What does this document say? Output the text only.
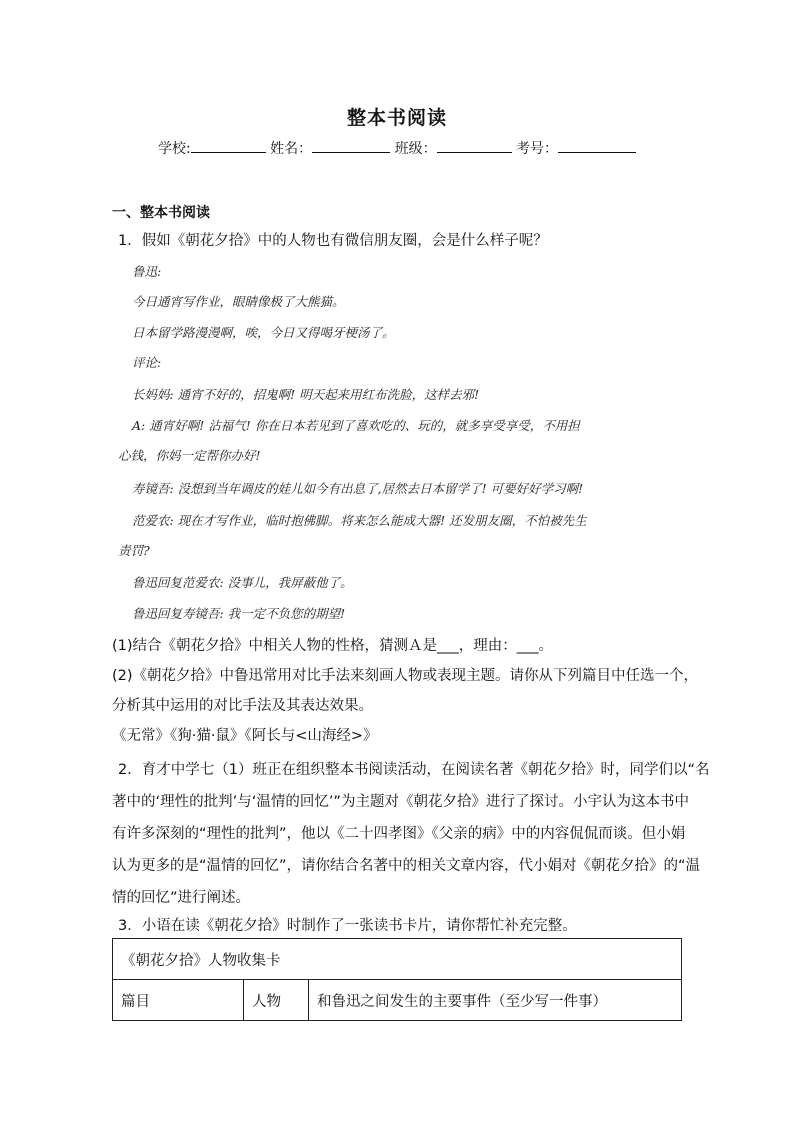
整本书阅读
学校:	姓名：	班级：	考号：
一、整本书阅读
1．假如《朝花夕拾》中的人物也有微信朋友圈，会是什么样子呢？
鲁迅:
今日通宵写作业，眼睛像极了大熊猫。
日本留学路漫漫啊，唉，今日又得喝牙梗汤了。
评论:
长妈妈: 通宵不好的，招鬼啊! 明天起来用红布洗脸，这样去邪!
A: 通宵好啊! 沾福气! 你在日本若见到了喜欢吃的、玩的，就多享受享受，不用担
心钱，你妈一定帮你办好!
寿镜吾: 没想到当年调皮的娃儿如今有出息了,居然去日本留学了! 可要好好学习啊!
范爱农: 现在才写作业，临时抱佛脚。将来怎么能成大器! 还发朋友圈，不怕被先生
责罚?
鲁迅回复范爱农: 没事儿，我屏蔽他了。
鲁迅回复寿镜吾: 我一定不负您的期望!
(1)结合《朝花夕拾》中相关人物的性格，猜测Ａ是___，理由：___。
(2)《朝花夕拾》中鲁迅常用对比手法来刻画人物或表现主题。请你从下列篇目中任选一个，
分析其中运用的对比手法及其表达效果。
《无常》《狗·猫·鼠》《阿长与<山海经>》
2．育才中学七（1）班正在组织整本书阅读活动，在阅读名著《朝花夕拾》时，同学们以“名
著中的‘理性的批判’与‘温情的回忆’”为主题对《朝花夕拾》进行了探讨。小宇认为这本书中
有许多深刻的“理性的批判”，他以《二十四孝图》《父亲的病》中的内容侃侃而谈。但小娟
认为更多的是“温情的回忆”，请你结合名著中的相关文章内容，代小娟对《朝花夕拾》的“温
情的回忆”进行阐述。
3．小语在读《朝花夕拾》时制作了一张读书卡片，请你帮忙补充完整。
《朝花夕拾》人物收集卡
篇目	人物	和鲁迅之间发生的主要事件（至少写一件事）
